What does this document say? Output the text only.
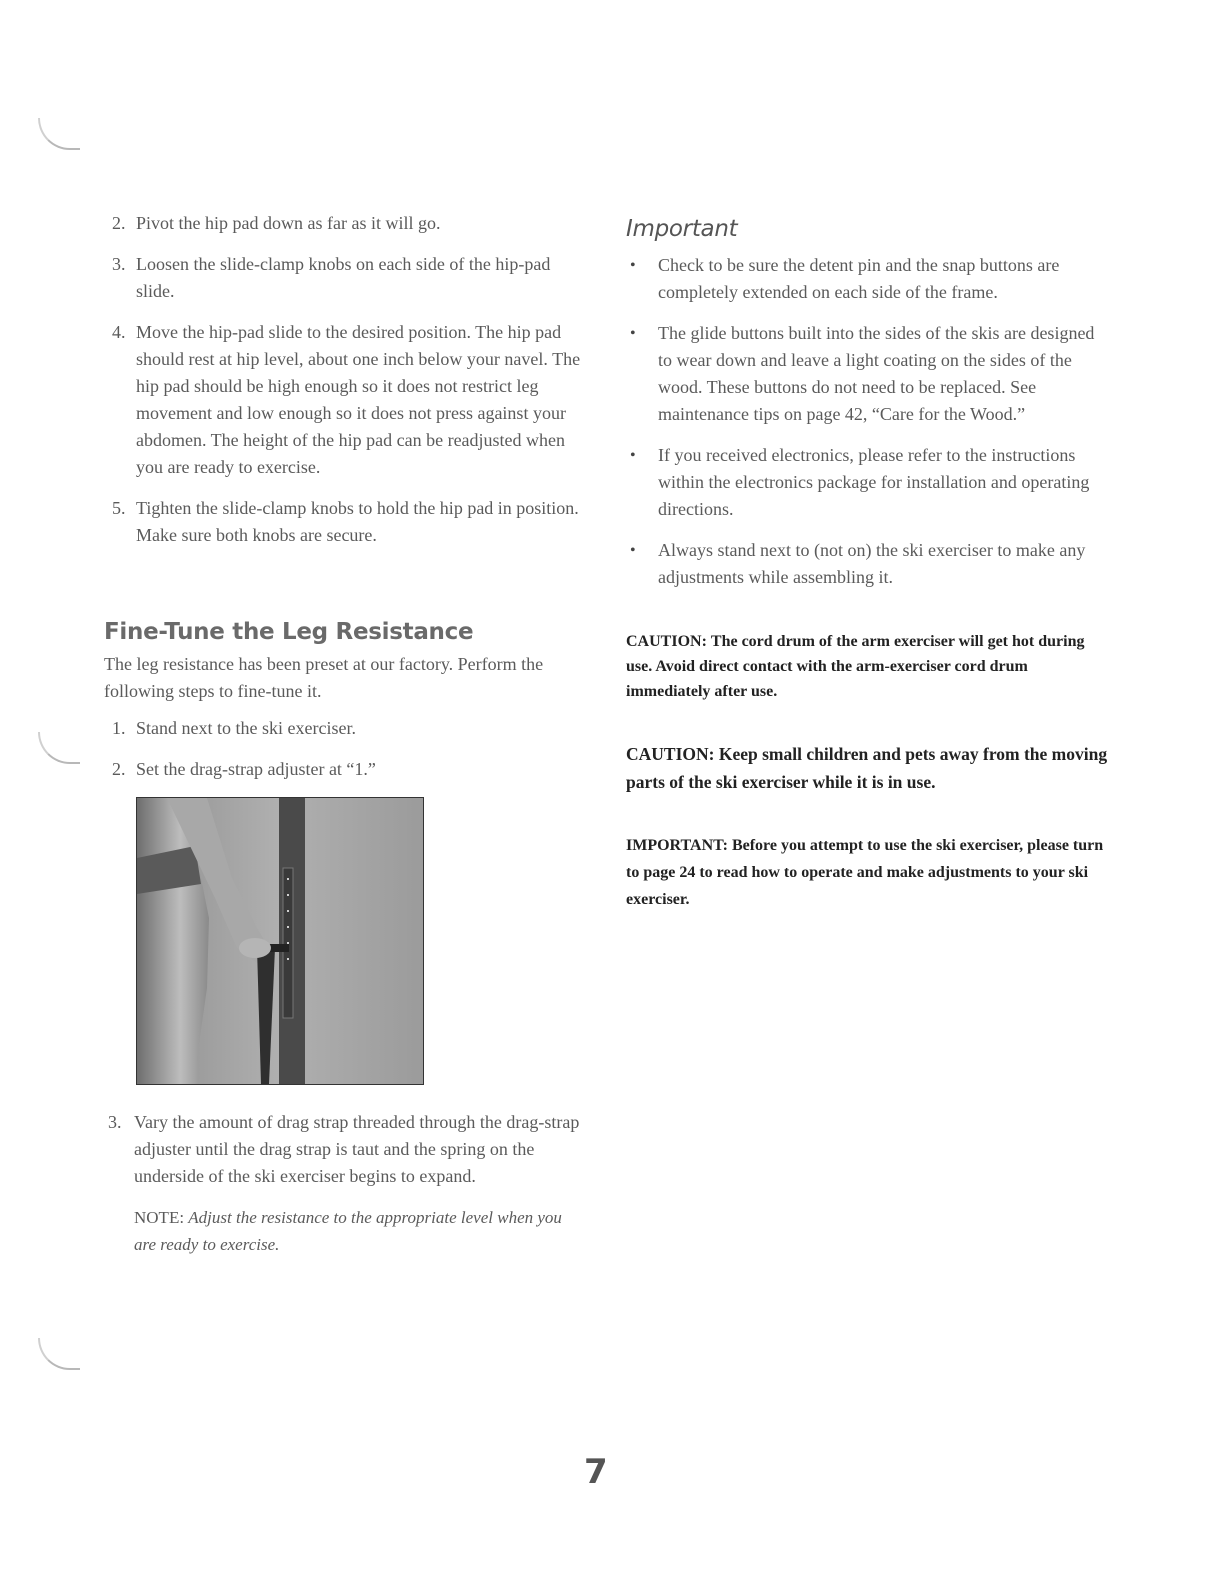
2. Pivot the hip pad down as far as it will go.
3. Loosen the slide-clamp knobs on each side of the hip-pad slide.
4. Move the hip-pad slide to the desired position. The hip pad should rest at hip level, about one inch below your navel. The hip pad should be high enough so it does not restrict leg movement and low enough so it does not press against your abdomen. The height of the hip pad can be readjusted when you are ready to exercise.
5. Tighten the slide-clamp knobs to hold the hip pad in position. Make sure both knobs are secure.
Fine-Tune the Leg Resistance

The leg resistance has been preset at our factory. Perform the following steps to fine-tune it.

1. Stand next to the ski exerciser.
2. Set the drag-strap adjuster at “1.”
3. Vary the amount of drag strap threaded through the drag-strap adjuster until the drag strap is taut and the spring on the underside of the ski exerciser begins to expand.
NOTE: Adjust the resistance to the appropriate level when you are ready to exercise.
Important
• Check to be sure the detent pin and the snap buttons are completely extended on each side of the frame.
• The glide buttons built into the sides of the skis are designed to wear down and leave a light coating on the sides of the wood. These buttons do not need to be replaced. See maintenance tips on page 42, “Care for the Wood.”
• If you received electronics, please refer to the instructions within the electronics package for installation and operating directions.
• Always stand next to (not on) the ski exerciser to make any adjustments while assembling it.

CAUTION: The cord drum of the arm exerciser will get hot during use. Avoid direct contact with the arm-exerciser cord drum immediately after use.

CAUTION: Keep small children and pets away from the moving parts of the ski exerciser while it is in use.

IMPORTANT: Before you attempt to use the ski exerciser, please turn to page 24 to read how to operate and make adjustments to your ski exerciser.

7
